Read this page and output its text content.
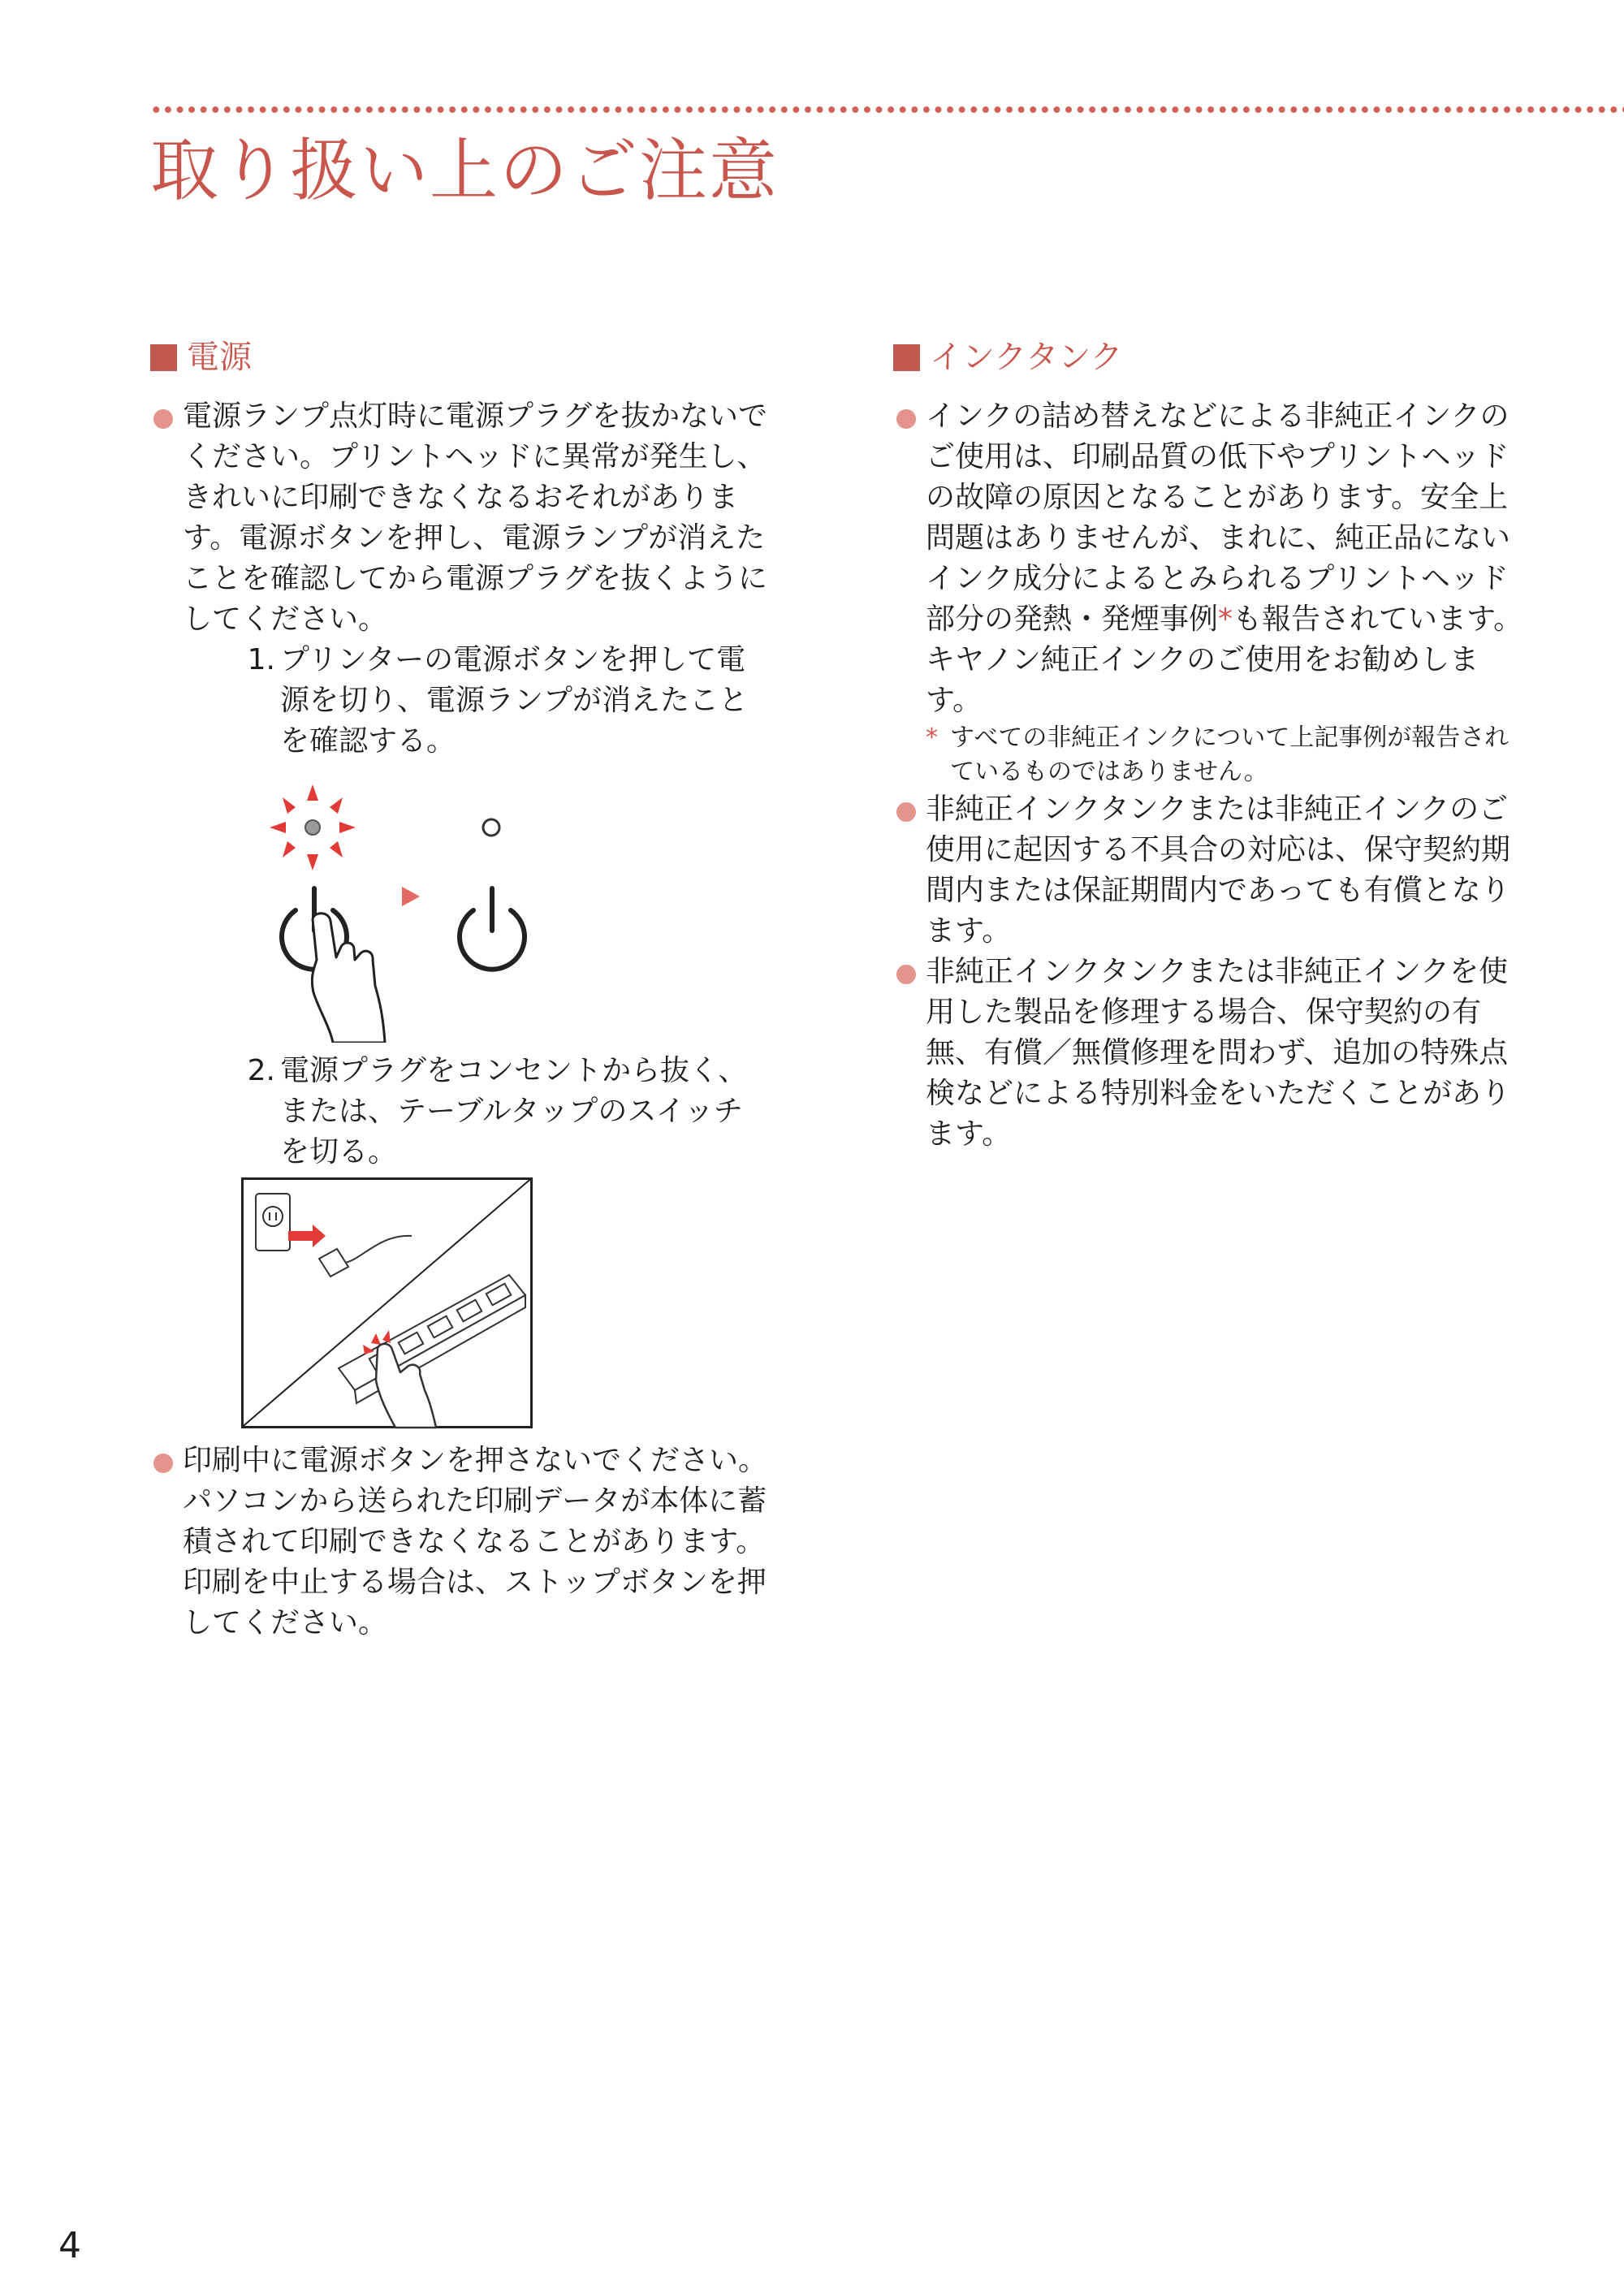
取り扱い上のご注意
電源

電源ランプ点灯時に電源プラグを抜かないでください。プリントヘッドに異常が発生し、きれいに印刷できなくなるおそれがあります。電源ボタンを押し、電源ランプが消えたことを確認してから電源プラグを抜くようにしてください。

1. プリンターの電源ボタンを押して電源を切り、電源ランプが消えたことを確認する。
2. 電源プラグをコンセントから抜く、または、テーブルタップのスイッチを切る。

印刷中に電源ボタンを押さないでください。パソコンから送られた印刷データが本体に蓄積されて印刷できなくなることがあります。印刷を中止する場合は、ストップボタンを押してください。

インクタンク

インクの詰め替えなどによる非純正インクのご使用は、印刷品質の低下やプリントヘッドの故障の原因となることがあります。安全上問題はありませんが、まれに、純正品にないインク成分によるとみられるプリントヘッド部分の発熱・発煙事例*も報告されています。キヤノン純正インクのご使用をお勧めします。

* すべての非純正インクについて上記事例が報告されているものではありません。

非純正インクタンクまたは非純正インクのご使用に起因する不具合の対応は、保守契約期間内または保証期間内であっても有償となります。

非純正インクタンクまたは非純正インクを使用した製品を修理する場合、保守契約の有無、有償／無償修理を問わず、追加の特殊点検などによる特別料金をいただくことがあります。

4
